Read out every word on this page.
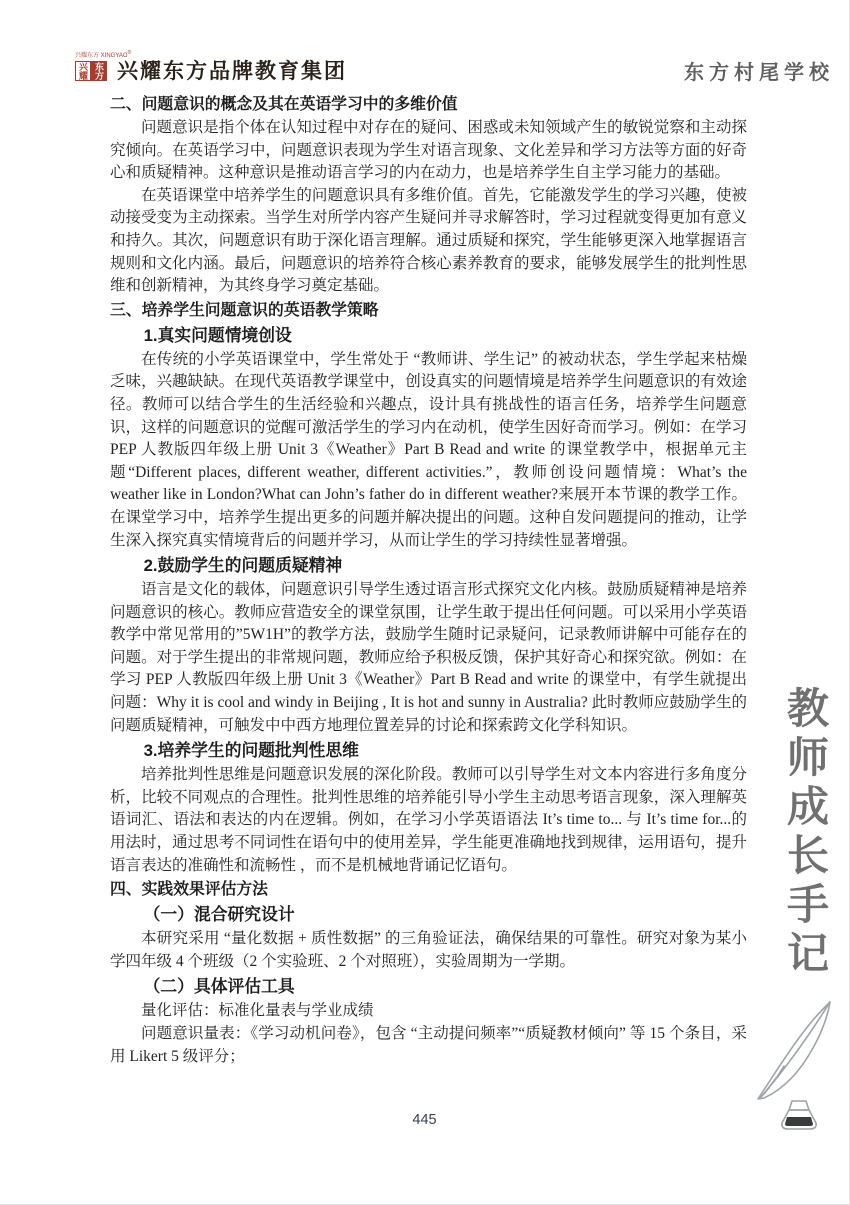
兴耀东方 XINGYAO®
兴耀 东方 兴耀东方品牌教育集团	东方村尾学校
二、问题意识的概念及其在英语学习中的多维价值

问题意识是指个体在认知过程中对存在的疑问、困惑或未知领域产生的敏锐觉察和主动探究倾向。在英语学习中，问题意识表现为学生对语言现象、文化差异和学习方法等方面的好奇心和质疑精神。这种意识是推动语言学习的内在动力，也是培养学生自主学习能力的基础。

在英语课堂中培养学生的问题意识具有多维价值。首先，它能激发学生的学习兴趣，使被动接受变为主动探索。当学生对所学内容产生疑问并寻求解答时，学习过程就变得更加有意义和持久。其次，问题意识有助于深化语言理解。通过质疑和探究，学生能够更深入地掌握语言规则和文化内涵。最后，问题意识的培养符合核心素养教育的要求，能够发展学生的批判性思维和创新精神，为其终身学习奠定基础。

三、培养学生问题意识的英语教学策略
1.真实问题情境创设

在传统的小学英语课堂中，学生常处于 “教师讲、学生记” 的被动状态，学生学起来枯燥乏味，兴趣缺缺。在现代英语教学课堂中，创设真实的问题情境是培养学生问题意识的有效途径。教师可以结合学生的生活经验和兴趣点，设计具有挑战性的语言任务，培养学生问题意识，这样的问题意识的觉醒可激活学生的学习内在动机，使学生因好奇而学习。例如：在学习 PEP 人教版四年级上册 Unit 3《Weather》Part B Read and write 的课堂教学中，根据单元主题“Different places, different weather, different activities.”，教师创设问题情境：What’s the weather like in London?What can John’s father do in different weather?来展开本节课的教学工作。在课堂学习中，培养学生提出更多的问题并解决提出的问题。这种自发问题提问的推动，让学生深入探究真实情境背后的问题并学习，从而让学生的学习持续性显著增强。

2.鼓励学生的问题质疑精神

语言是文化的载体，问题意识引导学生透过语言形式探究文化内核。鼓励质疑精神是培养问题意识的核心。教师应营造安全的课堂氛围，让学生敢于提出任何问题。可以采用小学英语教学中常见常用的”5W1H”的教学方法，鼓励学生随时记录疑问，记录教师讲解中可能存在的问题。对于学生提出的非常规问题，教师应给予积极反馈，保护其好奇心和探究欲。例如：在学习 PEP 人教版四年级上册 Unit 3《Weather》Part B Read and write 的课堂中，有学生就提出问题：Why it is cool and windy in Beijing , It is hot and sunny in Australia? 此时教师应鼓励学生的问题质疑精神，可触发中中西方地理位置差异的讨论和探索跨文化学科知识。

3.培养学生的问题批判性思维

培养批判性思维是问题意识发展的深化阶段。教师可以引导学生对文本内容进行多角度分析，比较不同观点的合理性。批判性思维的培养能引导小学生主动思考语言现象，深入理解英语词汇、语法和表达的内在逻辑。例如，在学习小学英语语法 It’s time to... 与 It’s time for...的用法时，通过思考不同词性在语句中的使用差异，学生能更准确地找到规律，运用语句，提升语言表达的准确性和流畅性 ，而不是机械地背诵记忆语句。

四、实践效果评估方法
（一）混合研究设计

本研究采用 “量化数据 + 质性数据” 的三角验证法，确保结果的可靠性。研究对象为某小学四年级 4 个班级（2 个实验班、2 个对照班），实验周期为一学期。

（二）具体评估工具

量化评估：标准化量表与学业成绩

问题意识量表：《学习动机问卷》，包含 “主动提问频率”“质疑教材倾向” 等 15 个条目，采用 Likert 5 级评分；

教师成长手记
445
